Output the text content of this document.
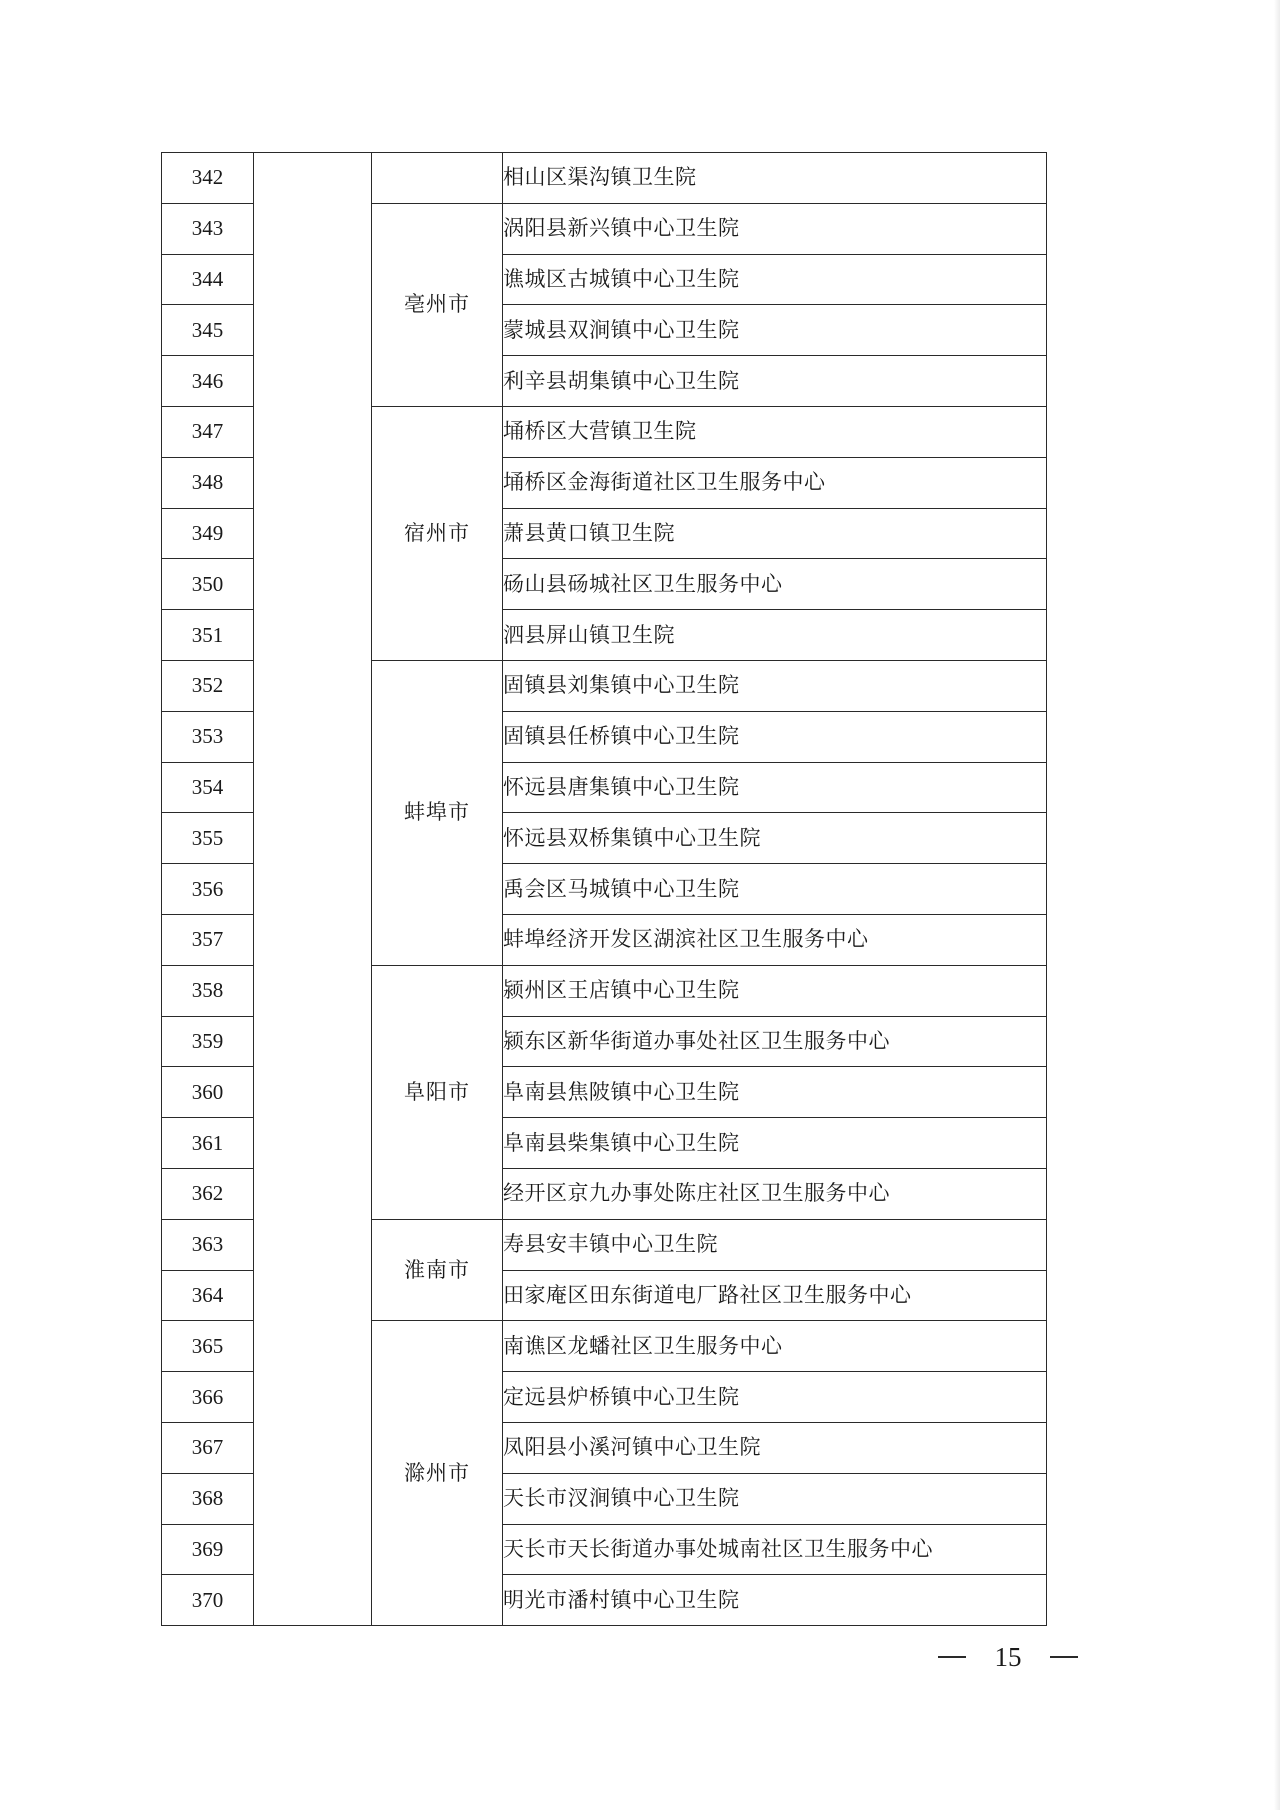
342			相山区渠沟镇卫生院
343		亳州市	涡阳县新兴镇中心卫生院
344			谯城区古城镇中心卫生院
345			蒙城县双涧镇中心卫生院
346			利辛县胡集镇中心卫生院
347		宿州市	埇桥区大营镇卫生院
348			埇桥区金海街道社区卫生服务中心
349			萧县黄口镇卫生院
350			砀山县砀城社区卫生服务中心
351			泗县屏山镇卫生院
352		蚌埠市	固镇县刘集镇中心卫生院
353			固镇县任桥镇中心卫生院
354			怀远县唐集镇中心卫生院
355			怀远县双桥集镇中心卫生院
356			禹会区马城镇中心卫生院
357			蚌埠经济开发区湖滨社区卫生服务中心
358		阜阳市	颍州区王店镇中心卫生院
359			颍东区新华街道办事处社区卫生服务中心
360			阜南县焦陂镇中心卫生院
361			阜南县柴集镇中心卫生院
362			经开区京九办事处陈庄社区卫生服务中心
363		淮南市	寿县安丰镇中心卫生院
364			田家庵区田东街道电厂路社区卫生服务中心
365		滁州市	南谯区龙蟠社区卫生服务中心
366			定远县炉桥镇中心卫生院
367			凤阳县小溪河镇中心卫生院
368			天长市汊涧镇中心卫生院
369			天长市天长街道办事处城南社区卫生服务中心
370			明光市潘村镇中心卫生院
15
